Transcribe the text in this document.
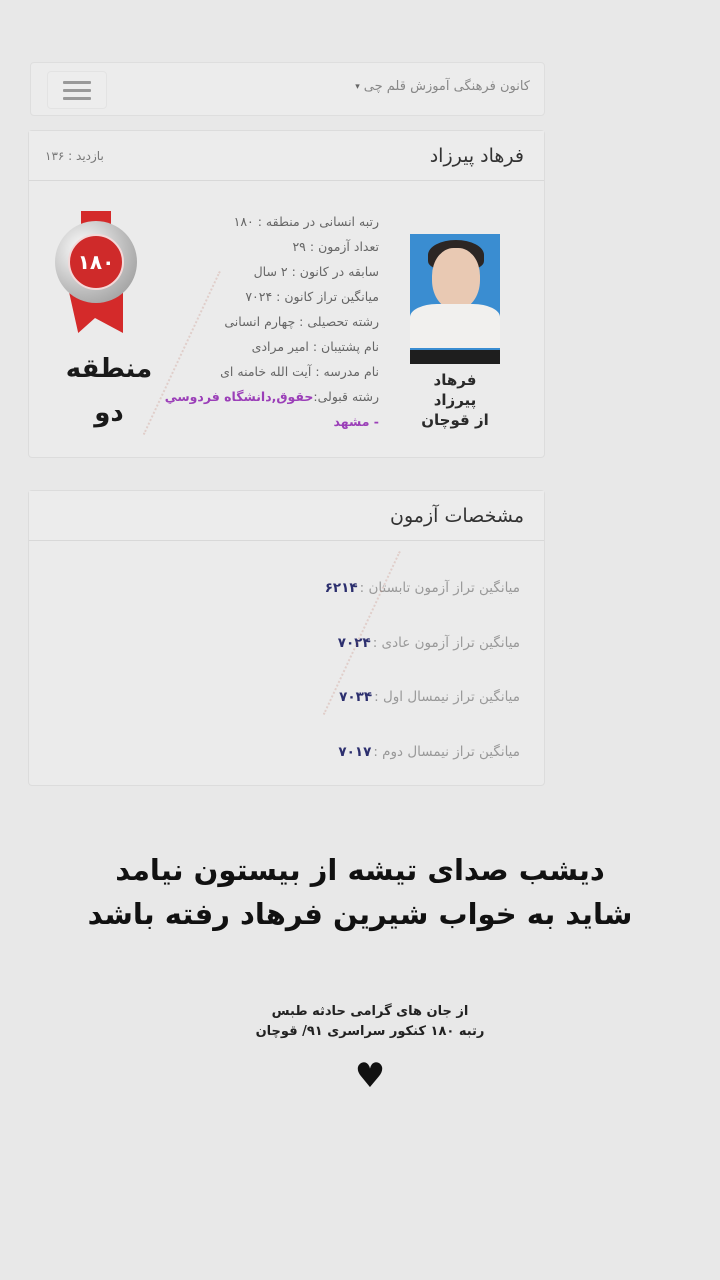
کانون فرهنگی آموزش قلم چی
▾
فرهاد پیرزاد
بازدید : ۱۳۶
فرهاد پیرزاد
از قوچان
رتبه انسانی در منطقه : ۱۸۰
تعداد آزمون : ۲۹
سابقه در کانون : ۲ سال
میانگین تراز کانون : ۷۰۲۴
رشته تحصیلی : چهارم انسانی
نام پشتیبان : امیر مرادی
نام مدرسه : آیت الله خامنه ای
رشته قبولی:حقوق,دانشگاه فردوسي - مشهد
۱۸۰
منطقه
دو
مشخصات آزمون
میانگین تراز آزمون تابستان :
۶۲۱۴
میانگین تراز آزمون عادی :
۷۰۲۴
میانگین تراز نیمسال اول :
۷۰۳۴
میانگین تراز نیمسال دوم :
۷۰۱۷
دیشب صدای تیشه از بیستون نیامد
شاید به خواب شیرین فرهاد رفته باشد
از جان های گرامی حادثه طبس
رتبه ۱۸۰ کنکور سراسری ۹۱/ قوچان
♥
